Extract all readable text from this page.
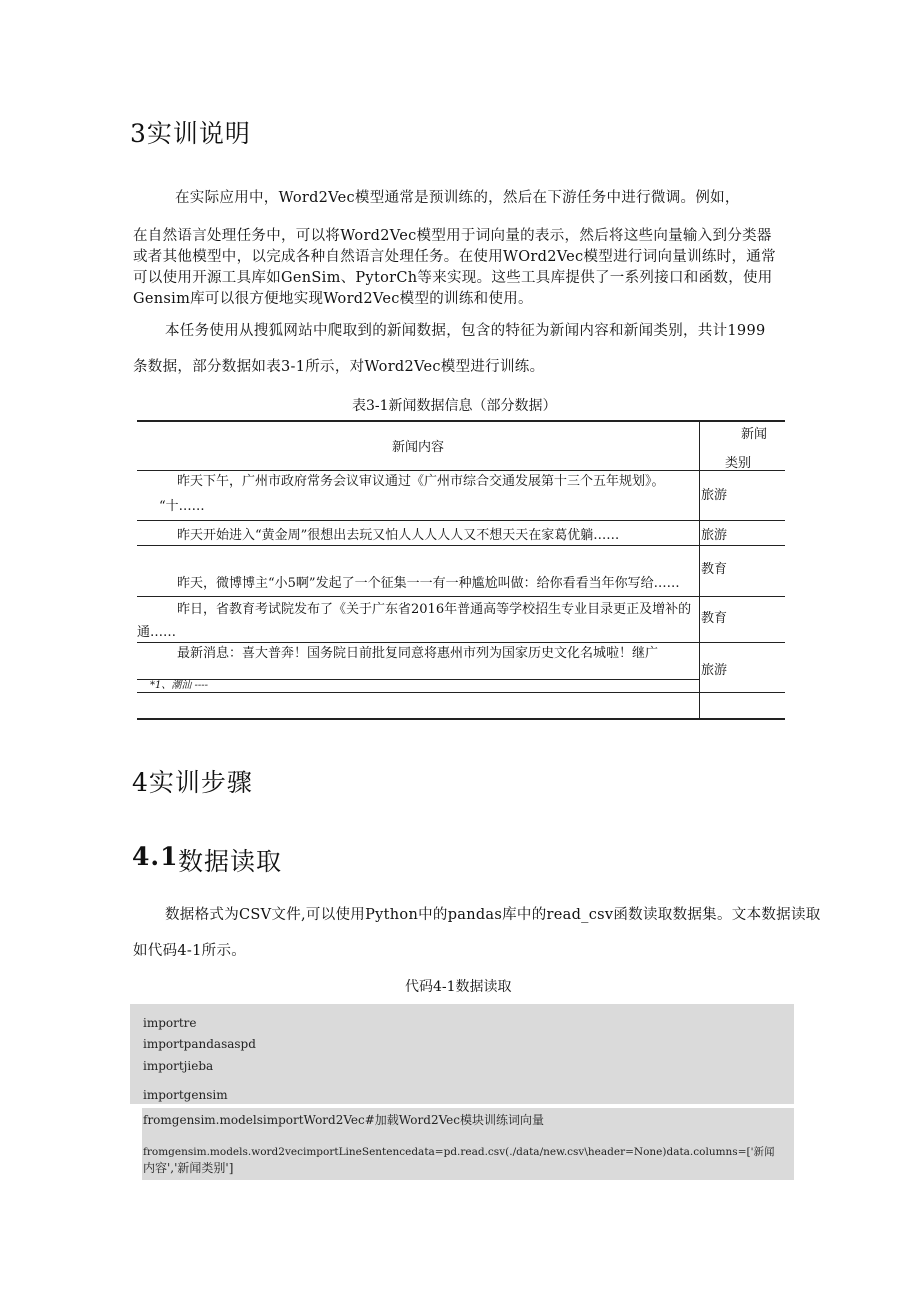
3实训说明
在实际应用中，Word2Vec模型通常是预训练的，然后在下游任务中进行微调。例如，
在自然语言处理任务中，可以将Word2Vec模型用于词向量的表示，然后将这些向量输入到分类器
或者其他模型中，以完成各种自然语言处理任务。在使用WOrd2Vec模型进行词向量训练时，通常
可以使用开源工具库如GenSim、PytorCh等来实现。这些工具库提供了一系列接口和函数，使用
Gensim库可以很方便地实现Word2Vec模型的训练和使用。
本任务使用从搜狐网站中爬取到的新闻数据，包含的特征为新闻内容和新闻类别，共计1999
条数据，部分数据如表3-1所示，对Word2Vec模型进行训练。
表3-1新闻数据信息（部分数据）
新闻内容
新闻
类别
昨天下午，广州市政府常务会议审议通过《广州市综合交通发展第十三个五年规划》。
“十……
旅游
昨天开始进入“黄金周”很想出去玩又怕人人人人人又不想天天在家葛优躺……	旅游
昨天，微博博主“小5啊”发起了一个征集一一有一种尴尬叫做：给你看看当年你写给……
教育
昨日，省教育考试院发布了《关于广东省2016年普通高等学校招生专业目录更正及增补的
通……
教育
最新消息：喜大普奔！国务院日前批复同意将惠州市列为国家历史文化名城啦！继广
旅游
*1、潮汕 ----
4实训步骤
4.1 数据读取
数据格式为CSV文件,可以使用Python中的pandas库中的read_csv函数读取数据集。文本数据读取
如代码4-1所示。
代码4-1数据读取
importre
importpandasaspd
importjieba
importgensim
fromgensim.modelsimportWord2Vec#加载Word2Vec模块训练词向量
fromgensim.models.word2vecimportLineSentencedata=pd.read.csv(./data/new.csv\header=None)data.columns=['新闻
内容','新闻类别']
